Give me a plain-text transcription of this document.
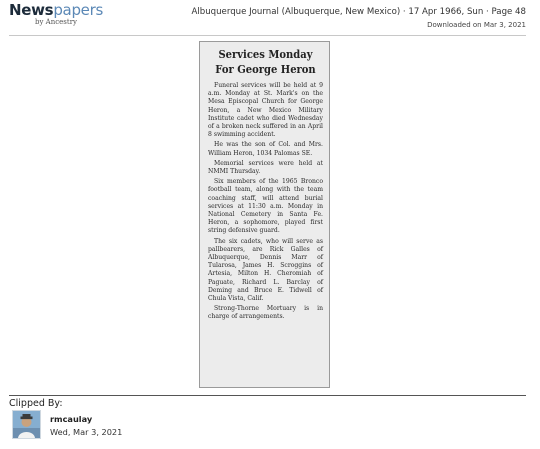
Newspapers
by Ancestry
Albuquerque Journal (Albuquerque, New Mexico) · 17 Apr 1966, Sun · Page 48
Downloaded on Mar 3, 2021
Services Monday
For George Heron

Funeral services will be held at 9 a.m. Monday at St. Mark's on the Mesa Episcopal Church for George Heron, a New Mexico Military Institute cadet who died Wednesday of a broken neck suffered in an April 8 swimming accident.

He was the son of Col. and Mrs. William Heron, 1034 Palomas SE.

Memorial services were held at NMMI Thursday.

Six members of the 1965 Bronco football team, along with the team coaching staff, will attend burial services at 11:30 a.m. Monday in National Cemetery in Santa Fe. Heron, a sophomore, played first string defensive guard.

The six cadets, who will serve as pallbearers, are Rick Galles of Albuquerque, Dennis Marr of Tularosa, James H. Scroggins of Artesia, Milton H. Cheromiah of Paguate, Richard L. Barclay of Deming and Bruce E. Tidwell of Chula Vista, Calif.

Strong-Thorne Mortuary is in charge of arrangements.

Clipped By:
rmcaulay
Wed, Mar 3, 2021
